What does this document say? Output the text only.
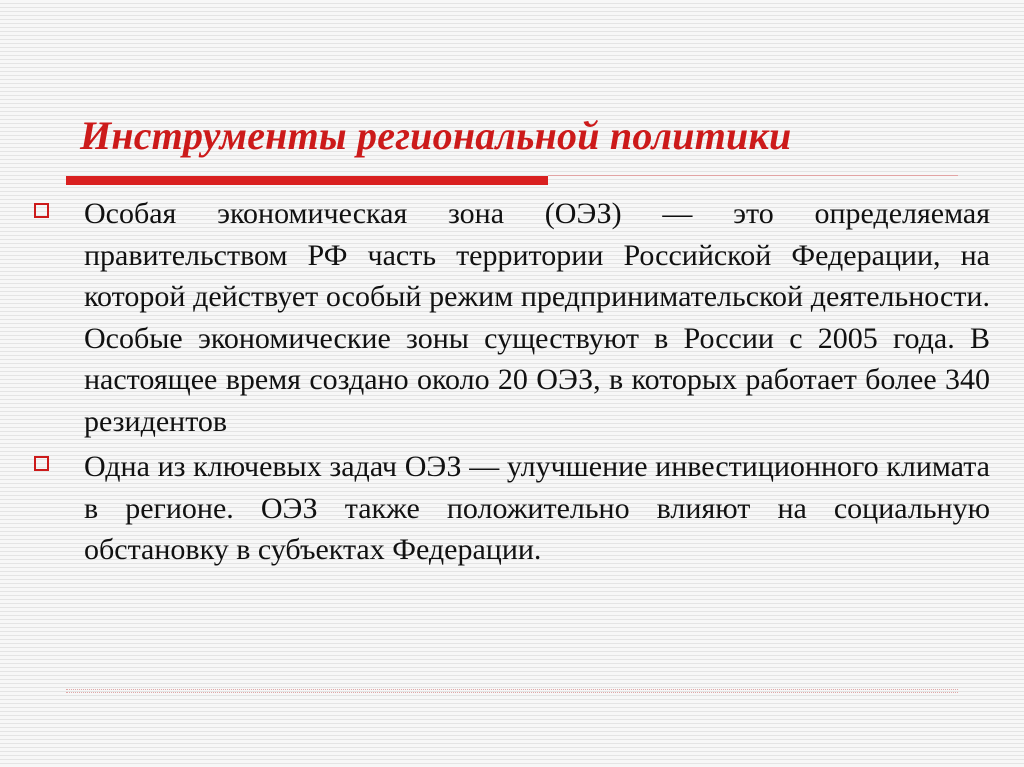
Инструменты региональной политики
Особая экономическая зона (ОЭЗ) — это определяемая правительством РФ часть территории Российской Федерации, на которой действует особый режим предпринимательской деятельности. Особые экономические зоны существуют в России с 2005 года. В настоящее время создано около 20 ОЭЗ, в которых работает более 340 резидентов
Одна из ключевых задач ОЭЗ — улучшение инвестиционного климата в регионе. ОЭЗ также положительно влияют на социальную обстановку в субъектах Федерации.
